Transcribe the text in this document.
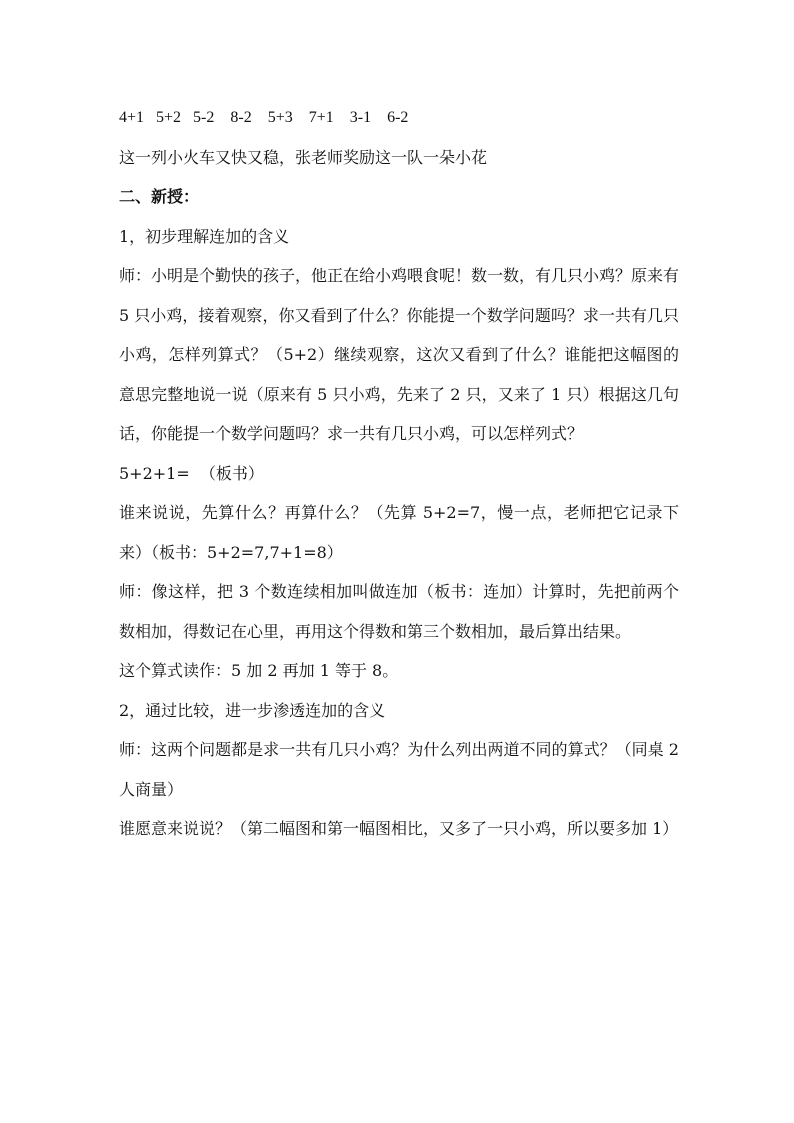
4+1   5+2   5-2    8-2    5+3    7+1    3-1    6-2

这一列小火车又快又稳，张老师奖励这一队一朵小花

二、新授：

1，初步理解连加的含义

师：小明是个勤快的孩子，他正在给小鸡喂食呢！数一数，有几只小鸡？原来有 5 只小鸡，接着观察，你又看到了什么？你能提一个数学问题吗？求一共有几只小鸡，怎样列算式？（5+2）继续观察，这次又看到了什么？谁能把这幅图的意思完整地说一说（原来有 5 只小鸡，先来了 2 只，又来了 1 只）根据这几句话，你能提一个数学问题吗？求一共有几只小鸡，可以怎样列式？

5+2+1=  （板书）

谁来说说，先算什么？再算什么？（先算 5+2=7，慢一点，老师把它记录下来）（板书：5+2=7,7+1=8）

师：像这样，把 3 个数连续相加叫做连加（板书：连加）计算时，先把前两个数相加，得数记在心里，再用这个得数和第三个数相加，最后算出结果。

这个算式读作：5 加 2 再加 1 等于 8。

2，通过比较，进一步渗透连加的含义

师：这两个问题都是求一共有几只小鸡？为什么列出两道不同的算式？（同桌 2 人商量）

谁愿意来说说？（第二幅图和第一幅图相比，又多了一只小鸡，所以要多加 1）
